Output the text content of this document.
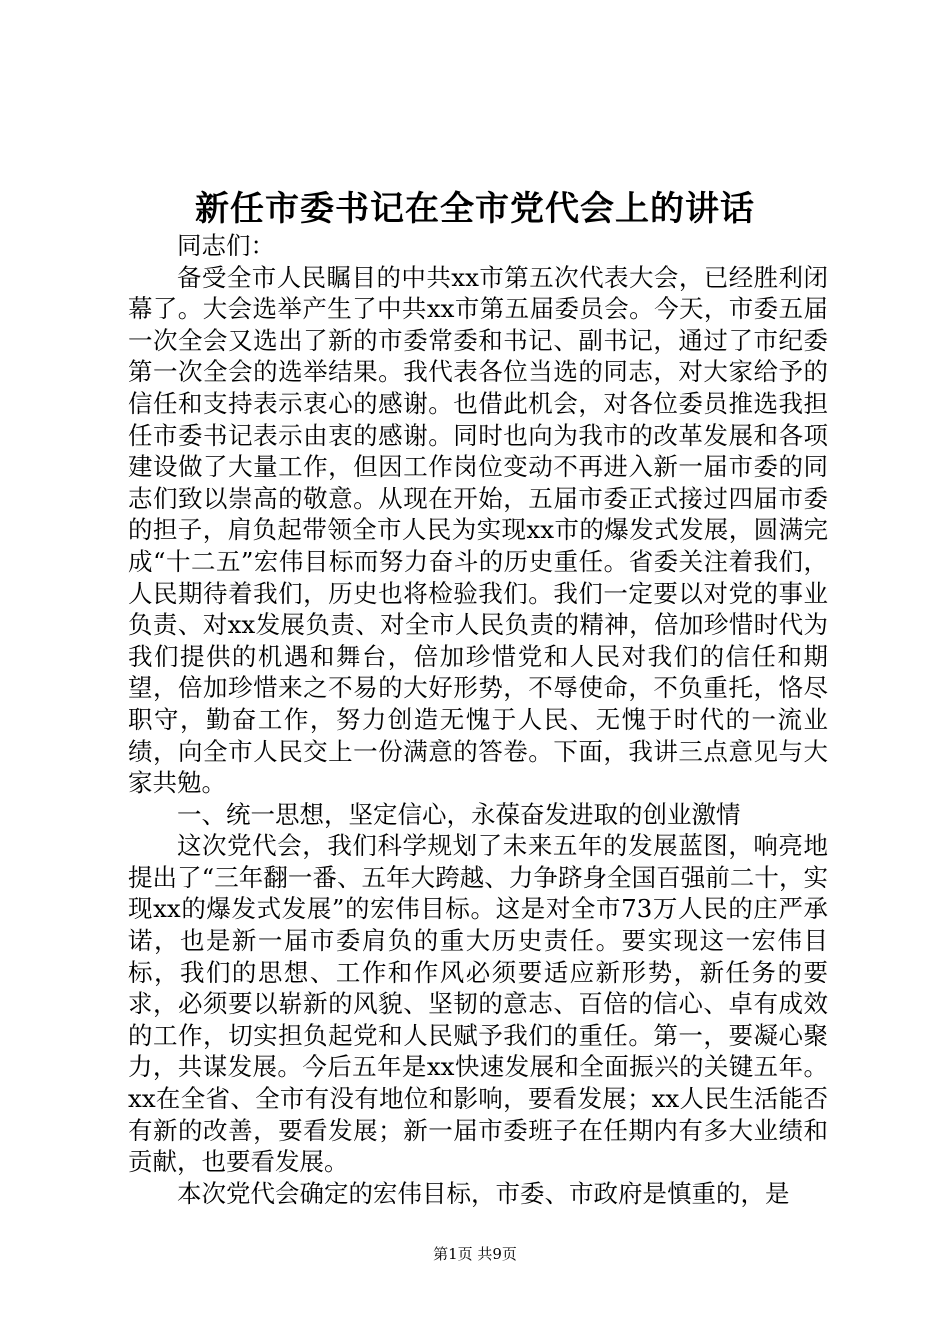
新任市委书记在全市党代会上的讲话

同志们：

备受全市人民瞩目的中共xx市第五次代表大会，已经胜利闭幕了。大会选举产生了中共xx市第五届委员会。今天，市委五届一次全会又选出了新的市委常委和书记、副书记，通过了市纪委第一次全会的选举结果。我代表各位当选的同志，对大家给予的信任和支持表示衷心的感谢。也借此机会，对各位委员推选我担任市委书记表示由衷的感谢。同时也向为我市的改革发展和各项建设做了大量工作，但因工作岗位变动不再进入新一届市委的同志们致以崇高的敬意。从现在开始，五届市委正式接过四届市委的担子，肩负起带领全市人民为实现xx市的爆发式发展，圆满完成“十二五”宏伟目标而努力奋斗的历史重任。省委关注着我们，人民期待着我们，历史也将检验我们。我们一定要以对党的事业负责、对xx发展负责、对全市人民负责的精神，倍加珍惜时代为我们提供的机遇和舞台，倍加珍惜党和人民对我们的信任和期望，倍加珍惜来之不易的大好形势，不辱使命，不负重托，恪尽职守，勤奋工作，努力创造无愧于人民、无愧于时代的一流业绩，向全市人民交上一份满意的答卷。下面，我讲三点意见与大家共勉。

一、统一思想，坚定信心，永葆奋发进取的创业激情

这次党代会，我们科学规划了未来五年的发展蓝图，响亮地提出了“三年翻一番、五年大跨越、力争跻身全国百强前二十，实现xx的爆发式发展”的宏伟目标。这是对全市73万人民的庄严承诺，也是新一届市委肩负的重大历史责任。要实现这一宏伟目标，我们的思想、工作和作风必须要适应新形势，新任务的要求，必须要以崭新的风貌、坚韧的意志、百倍的信心、卓有成效的工作，切实担负起党和人民赋予我们的重任。第一，要凝心聚力，共谋发展。今后五年是xx快速发展和全面振兴的关键五年。xx在全省、全市有没有地位和影响，要看发展；xx人民生活能否有新的改善，要看发展；新一届市委班子在任期内有多大业绩和贡献，也要看发展。

本次党代会确定的宏伟目标，市委、市政府是慎重的，是

第1页 共9页
